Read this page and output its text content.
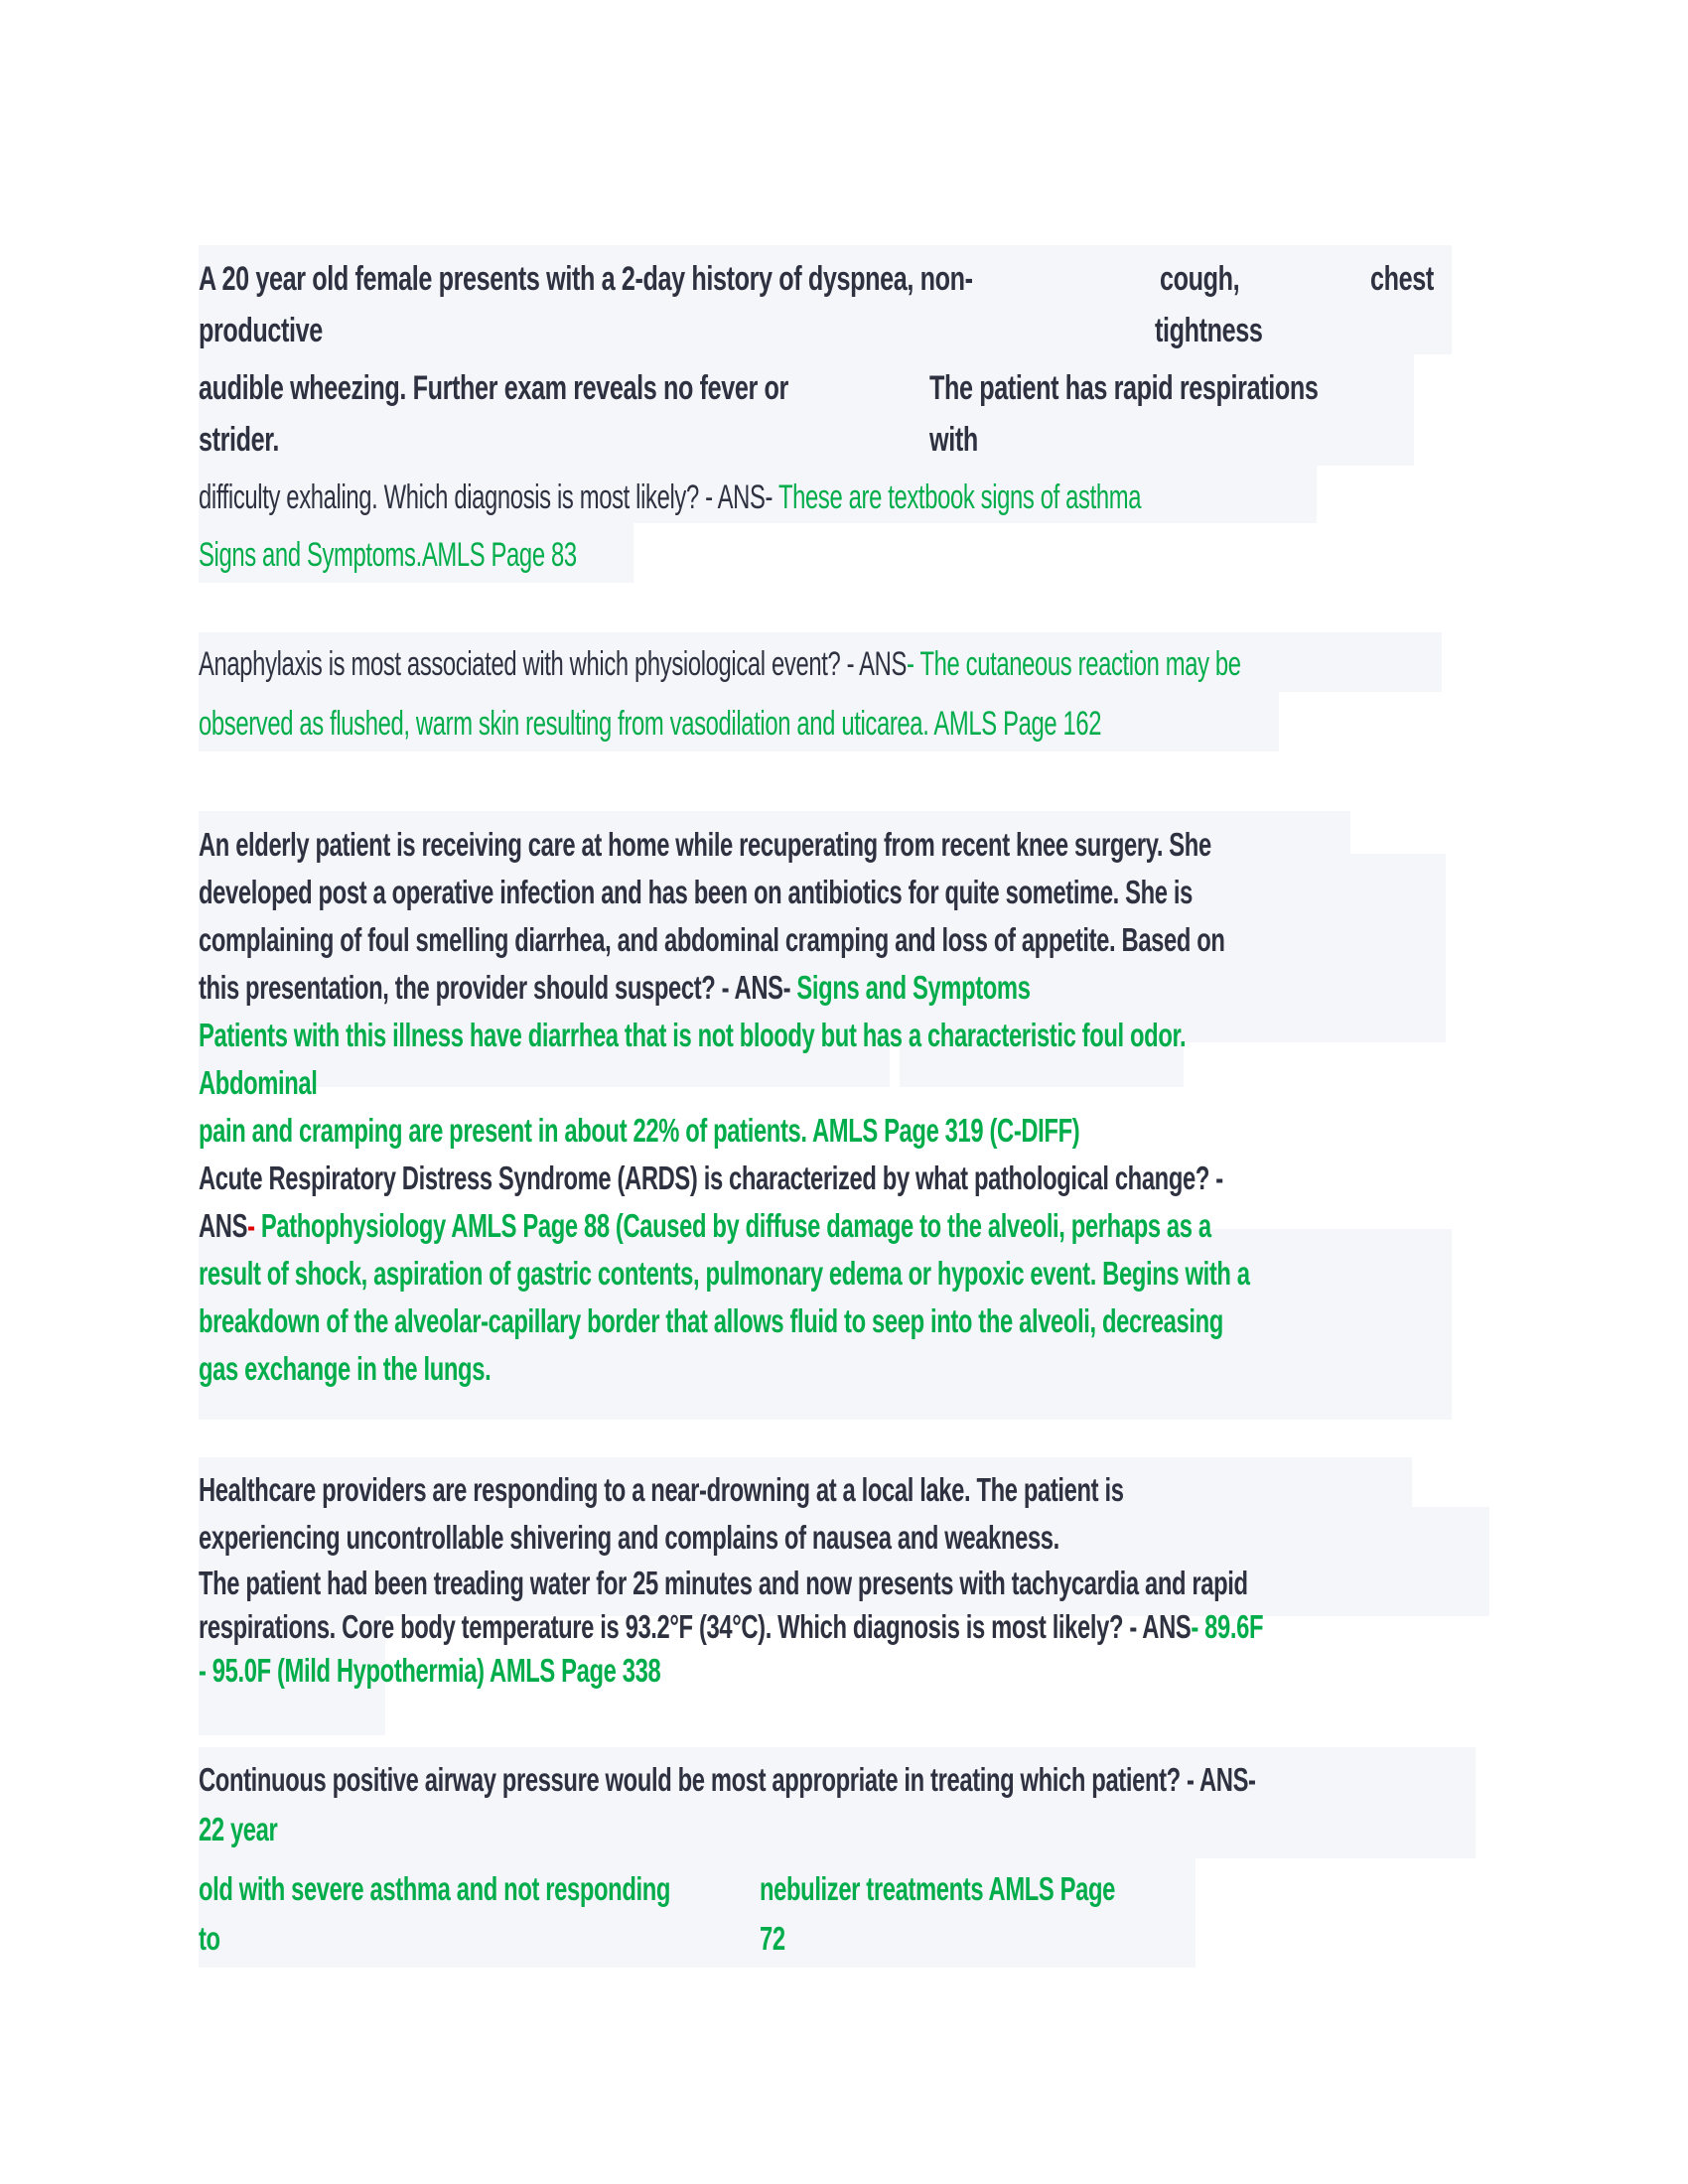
A 20 year old female presents with a 2-day history of dyspnea, non-	cough,	chest
productive	tightness
audible wheezing. Further exam reveals no fever or	The patient has rapid respirations
strider.	with
difficulty exhaling. Which diagnosis is most likely? - ANS- These are textbook signs of asthma
Signs and Symptoms.AMLS Page 83
Anaphylaxis is most associated with which physiological event? - ANS- The cutaneous reaction may be
observed as flushed, warm skin resulting from vasodilation and uticarea. AMLS Page 162
An elderly patient is receiving care at home while recuperating from recent knee surgery. She
developed post a operative infection and has been on antibiotics for quite sometime. She is
complaining of foul smelling diarrhea, and abdominal cramping and loss of appetite. Based on
this presentation, the provider should suspect? - ANS- Signs and Symptoms
Patients with this illness have diarrhea that is not bloody but has a characteristic foul odor.
Abdominal
pain and cramping are present in about 22% of patients. AMLS Page 319 (C-DIFF)
Acute Respiratory Distress Syndrome (ARDS) is characterized by what pathological change? -
ANS- Pathophysiology AMLS Page 88 (Caused by diffuse damage to the alveoli, perhaps as a
result of shock, aspiration of gastric contents, pulmonary edema or hypoxic event. Begins with a
breakdown of the alveolar-capillary border that allows fluid to seep into the alveoli, decreasing
gas exchange in the lungs.
Healthcare providers are responding to a near-drowning at a local lake. The patient is
experiencing uncontrollable shivering and complains of nausea and weakness.
The patient had been treading water for 25 minutes and now presents with tachycardia and rapid
respirations. Core body temperature is 93.2°F (34°C). Which diagnosis is most likely? - ANS- 89.6F
- 95.0F (Mild Hypothermia) AMLS Page 338
Continuous positive airway pressure would be most appropriate in treating which patient? - ANS-
22 year
old with severe asthma and not responding	nebulizer treatments AMLS Page
to	72
